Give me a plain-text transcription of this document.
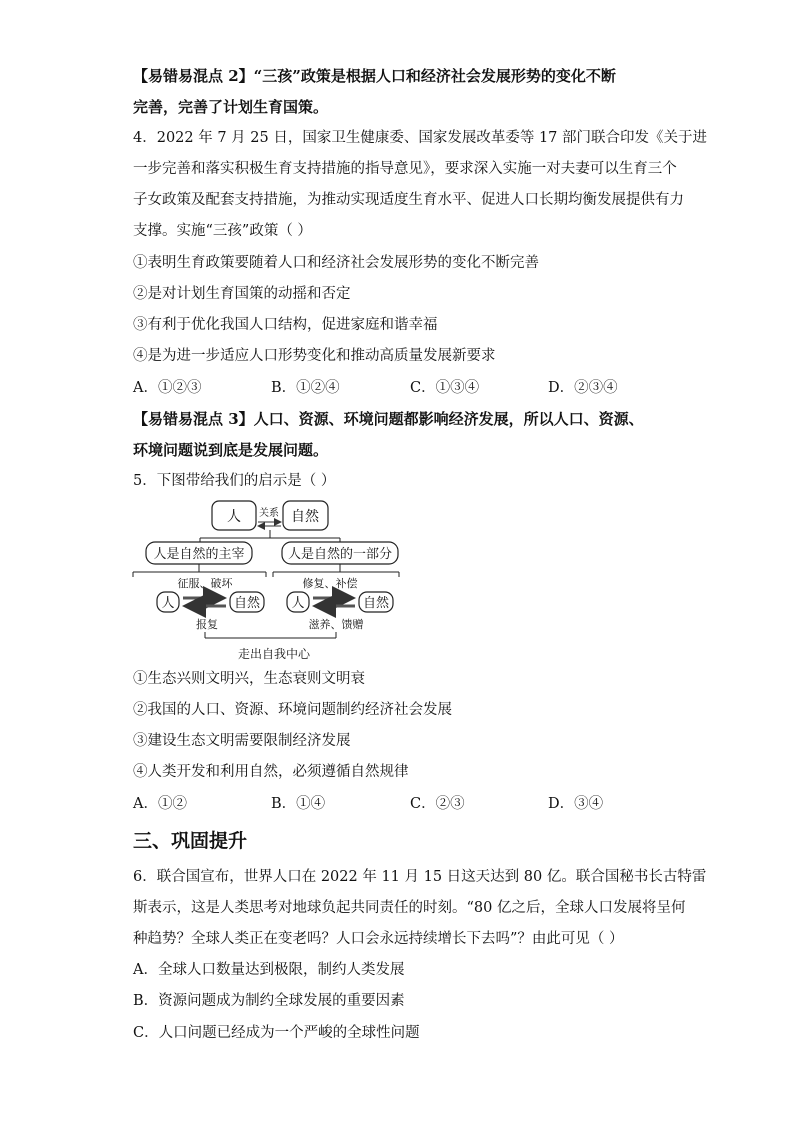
【易错易混点 2】“三孩”政策是根据人口和经济社会发展形势的变化不断
完善，完善了计划生育国策。
4．2022 年 7 月 25 日，国家卫生健康委、国家发展改革委等 17 部门联合印发《关于进
一步完善和落实积极生育支持措施的指导意见》，要求深入实施一对夫妻可以生育三个
子女政策及配套支持措施，为推动实现适度生育水平、促进人口长期均衡发展提供有力
支撑。实施“三孩”政策（ ）
①表明生育政策要随着人口和经济社会发展形势的变化不断完善
②是对计划生育国策的动摇和否定
③有利于优化我国人口结构，促进家庭和谐幸福
④是为进一步适应人口形势变化和推动高质量发展新要求
A．①②③	B．①②④	C．①③④	D．②③④
【易错易混点 3】人口、资源、环境问题都影响经济发展，所以人口、资源、
环境问题说到底是发展问题。
5．下图带给我们的启示是（ ）
人	自然
关系
人是自然的主宰	人是自然的一部分
征服、破坏
人	自然
报复
修复、补偿
人	自然
滋养、馈赠
走出自我中心
①生态兴则文明兴，生态衰则文明衰
②我国的人口、资源、环境问题制约经济社会发展
③建设生态文明需要限制经济发展
④人类开发和利用自然，必须遵循自然规律
A．①②	B．①④	C．②③	D．③④
三、巩固提升
6．联合国宣布，世界人口在 2022 年 11 月 15 日这天达到 80 亿。联合国秘书长古特雷
斯表示，这是人类思考对地球负起共同责任的时刻。“80 亿之后，全球人口发展将呈何
种趋势？全球人类正在变老吗？人口会永远持续增长下去吗”？由此可见（ ）
A．全球人口数量达到极限，制约人类发展
B．资源问题成为制约全球发展的重要因素
C．人口问题已经成为一个严峻的全球性问题
